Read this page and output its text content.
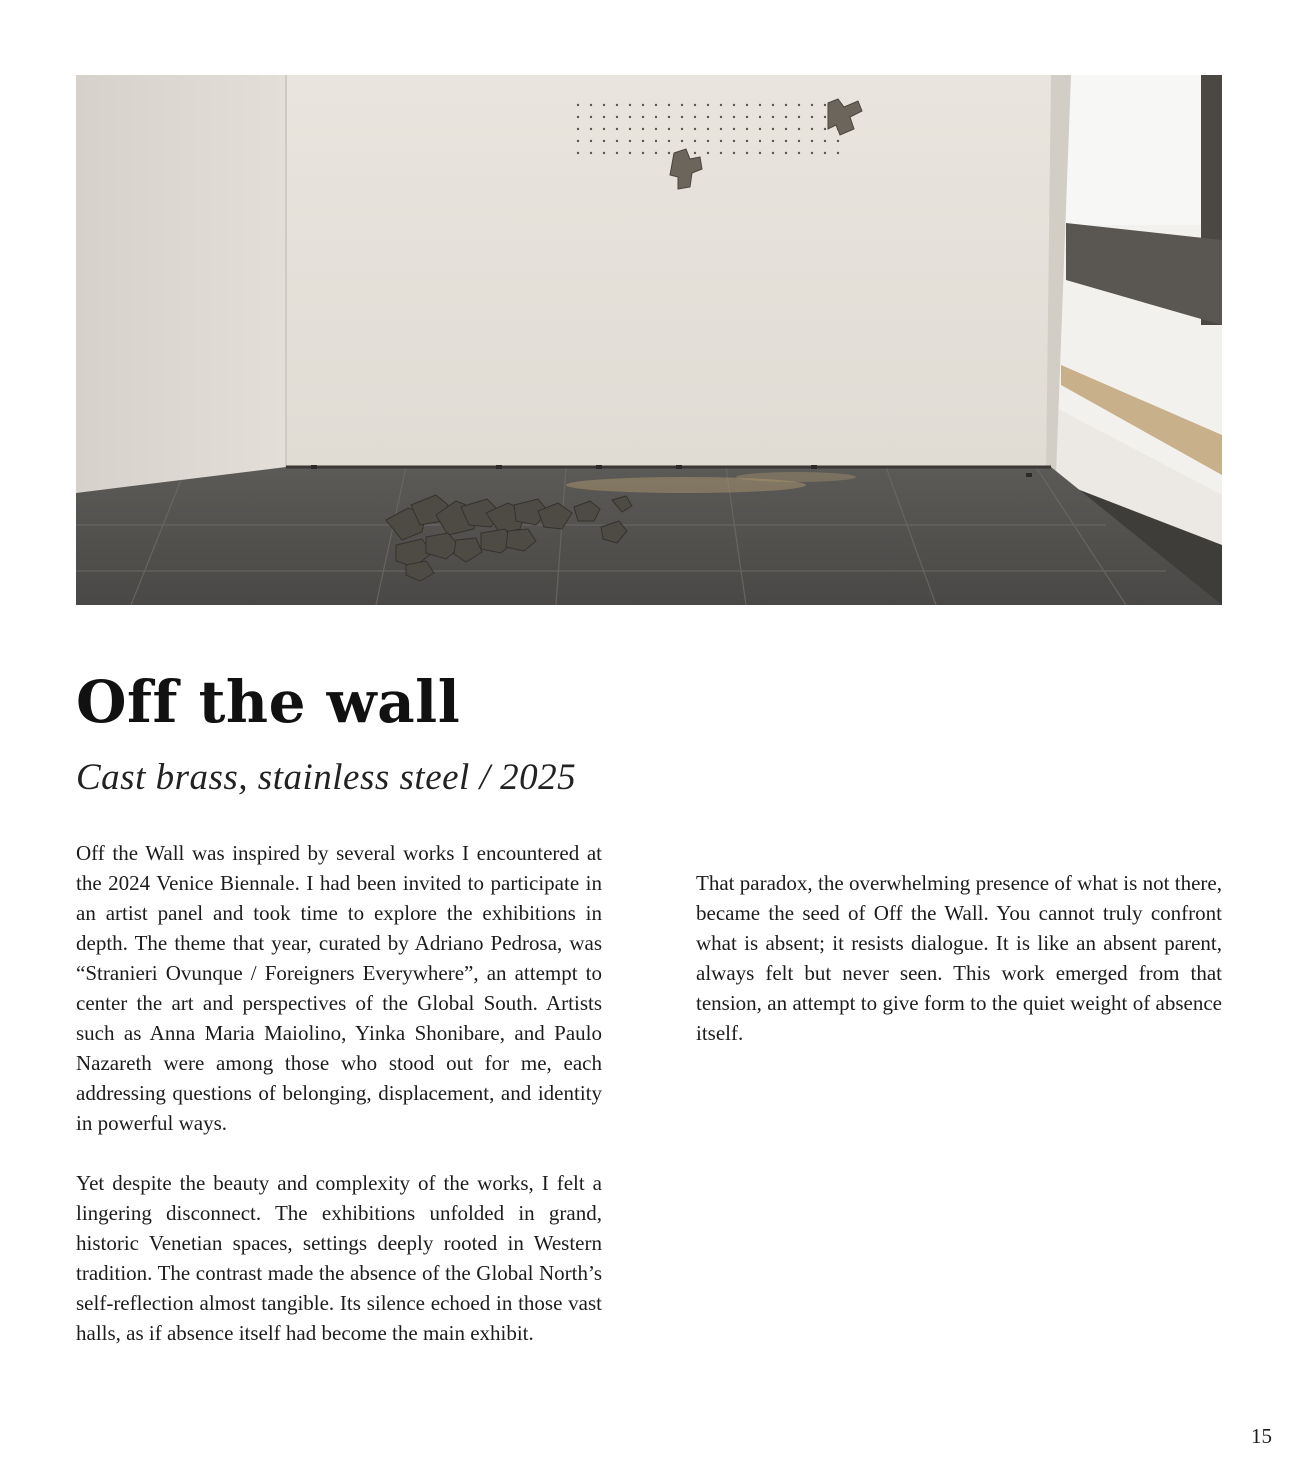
Off the wall
Cast brass, stainless steel / 2025

Off the Wall was inspired by several works I encountered at the 2024 Venice Biennale. I had been invited to participate in an artist panel and took time to explore the exhibitions in depth. The theme that year, curated by Adriano Pedrosa, was “Stranieri Ovunque / Foreigners Everywhere”, an attempt to center the art and perspectives of the Global South. Artists such as Anna Maria Maiolino, Yinka Shonibare, and Paulo Nazareth were among those who stood out for me, each addressing questions of belonging, displacement, and identity in powerful ways.

Yet despite the beauty and complexity of the works, I felt a lingering disconnect. The exhibitions unfolded in grand, historic Venetian spaces, settings deeply rooted in Western tradition. The contrast made the absence of the Global North’s self-reflection almost tangible. Its silence echoed in those vast halls, as if absence itself had become the main exhibit.

That paradox, the overwhelming presence of what is not there, became the seed of Off the Wall. You cannot truly confront what is absent; it resists dialogue. It is like an absent parent, always felt but never seen. This work emerged from that tension, an attempt to give form to the quiet weight of absence itself.

15
